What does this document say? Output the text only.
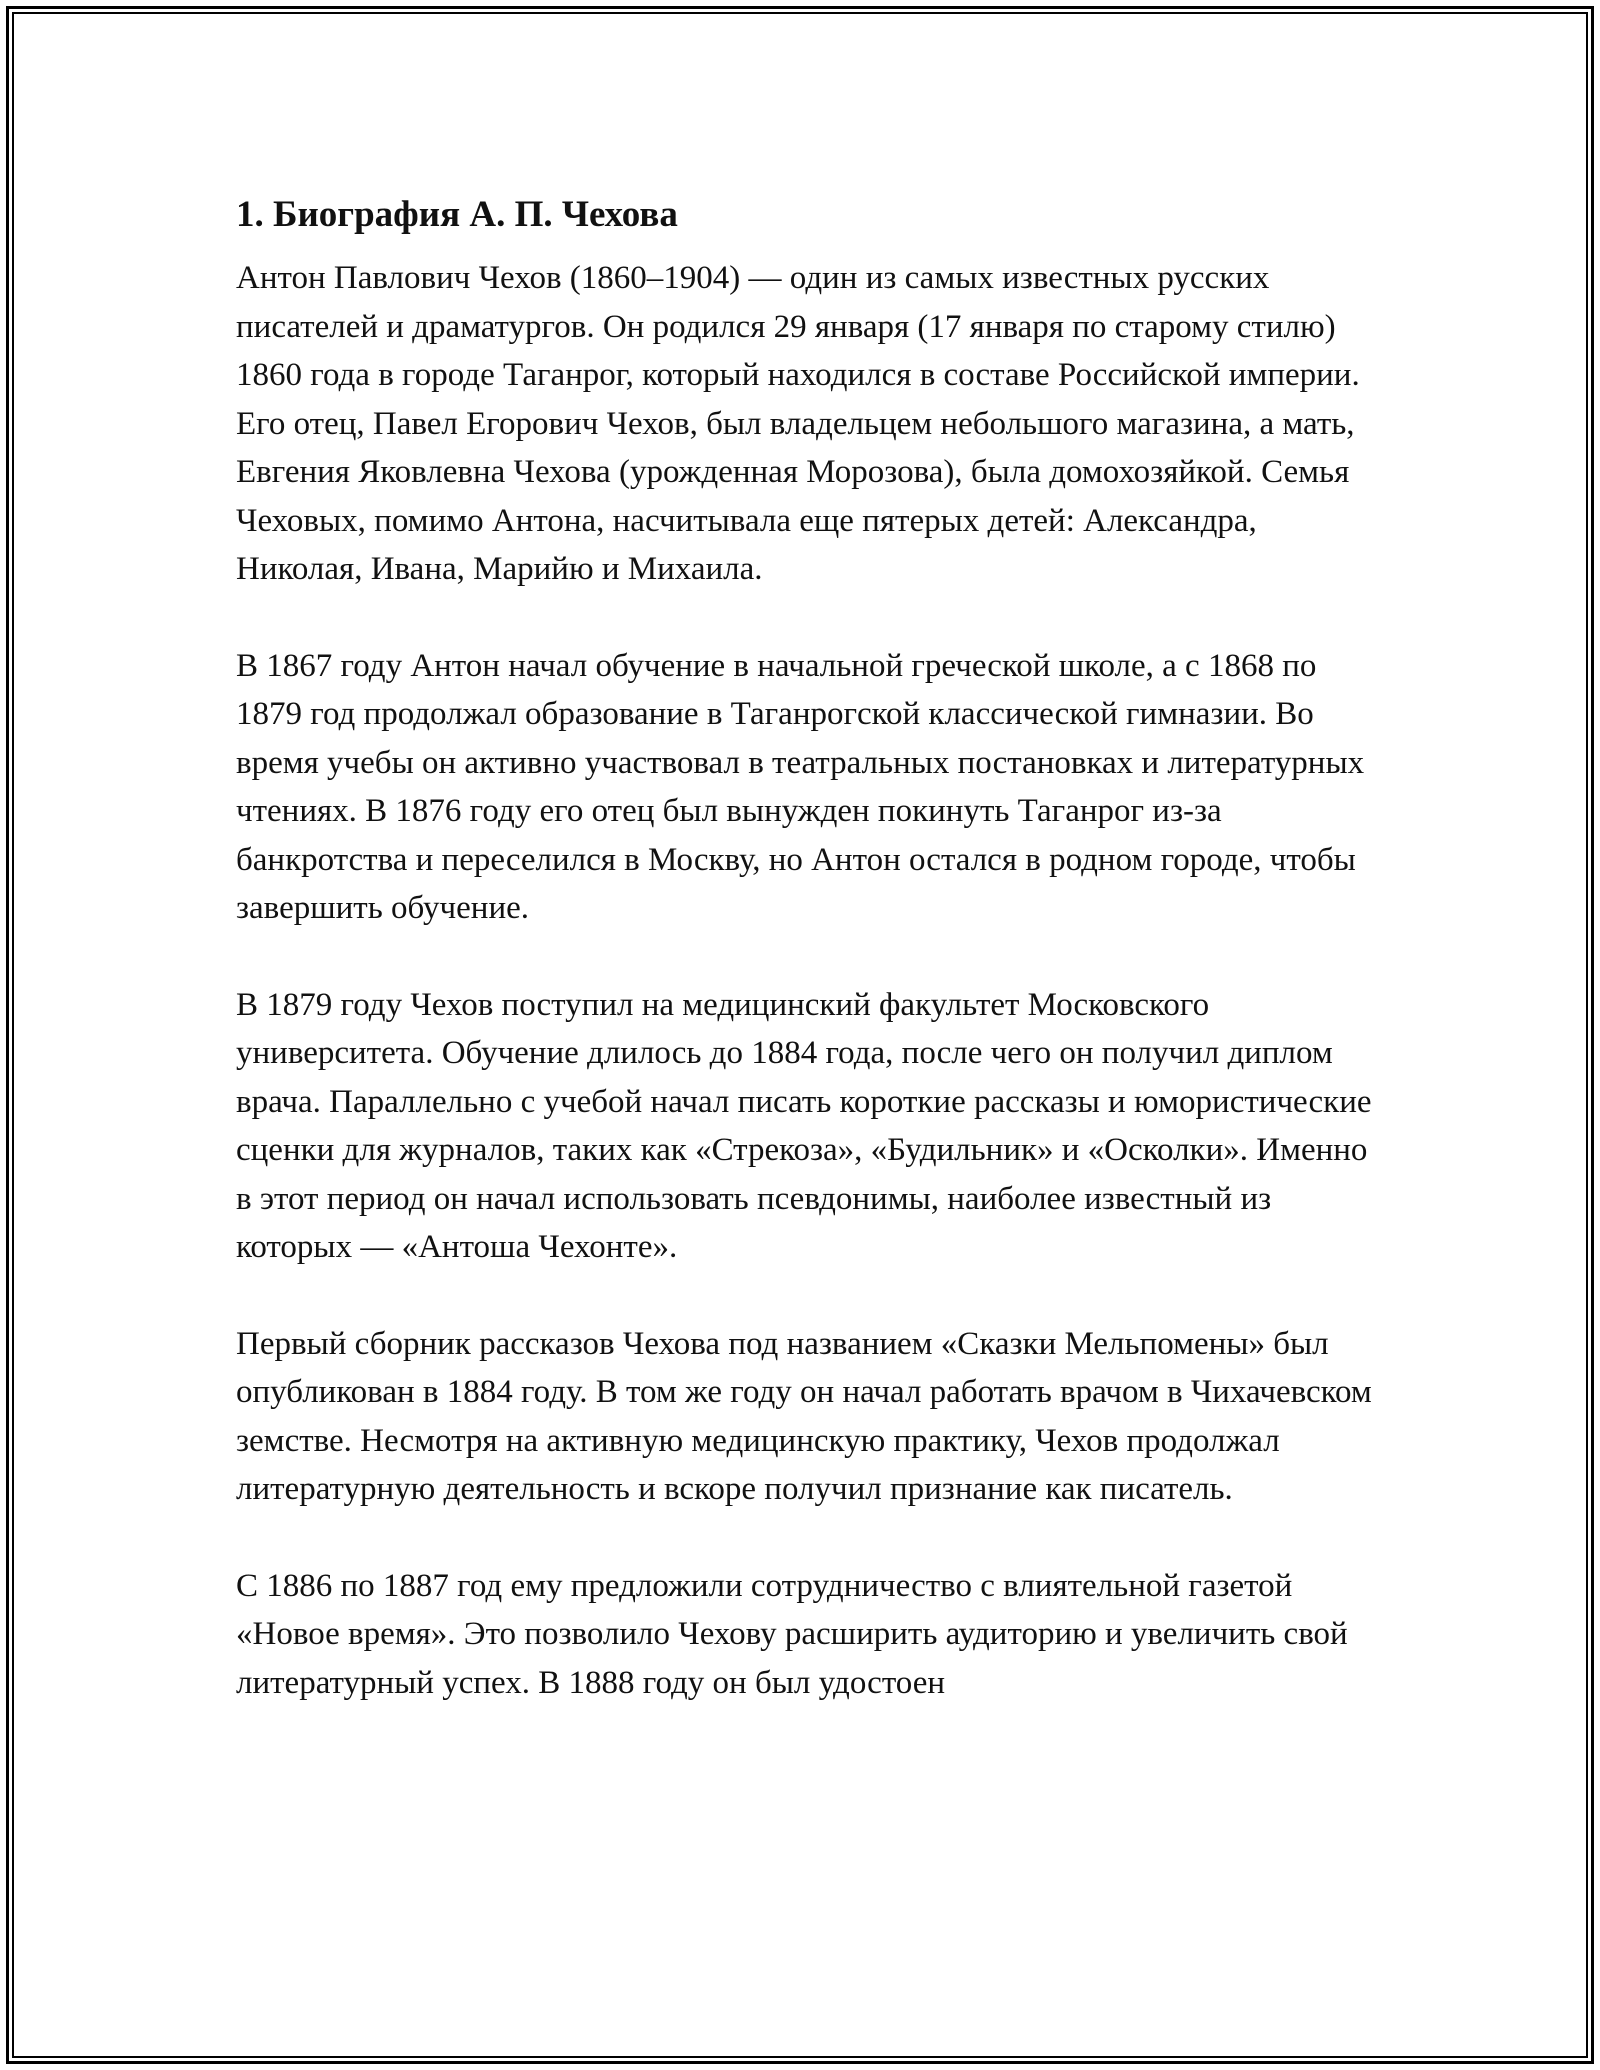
1. Биография А. П. Чехова

Антон Павлович Чехов (1860–1904) — один из самых известных русских писателей и драматургов. Он родился 29 января (17 января по старому стилю) 1860 года в городе Таганрог, который находился в составе Российской империи. Его отец, Павел Егорович Чехов, был владельцем небольшого магазина, а мать, Евгения Яковлевна Чехова (урожденная Морозова), была домохозяйкой. Семья Чеховых, помимо Антона, насчитывала еще пятерых детей: Александра, Николая, Ивана, Марийю и Михаила.

В 1867 году Антон начал обучение в начальной греческой школе, а с 1868 по 1879 год продолжал образование в Таганрогской классической гимназии. Во время учебы он активно участвовал в театральных постановках и литературных чтениях. В 1876 году его отец был вынужден покинуть Таганрог из-за банкротства и переселился в Москву, но Антон остался в родном городе, чтобы завершить обучение.

В 1879 году Чехов поступил на медицинский факультет Московского университета. Обучение длилось до 1884 года, после чего он получил диплом врача. Параллельно с учебой начал писать короткие рассказы и юмористические сценки для журналов, таких как «Стрекоза», «Будильник» и «Осколки». Именно в этот период он начал использовать псевдонимы, наиболее известный из которых — «Антоша Чехонте».

Первый сборник рассказов Чехова под названием «Сказки Мельпомены» был опубликован в 1884 году. В том же году он начал работать врачом в Чихачевском земстве. Несмотря на активную медицинскую практику, Чехов продолжал литературную деятельность и вскоре получил признание как писатель.

С 1886 по 1887 год ему предложили сотрудничество с влиятельной газетой «Новое время». Это позволило Чехову расширить аудиторию и увеличить свой литературный успех. В 1888 году он был удостоен
